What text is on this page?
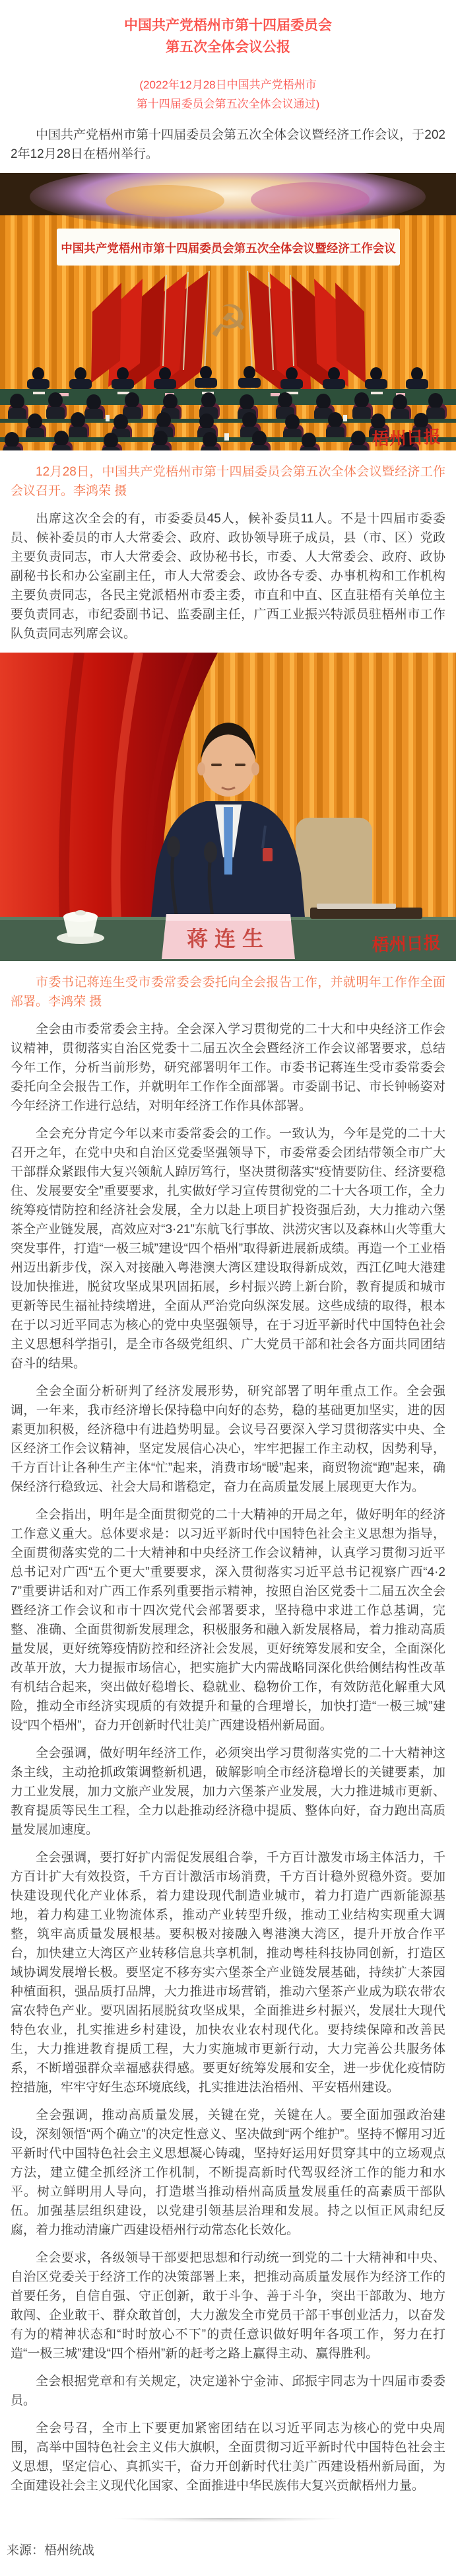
中国共产党梧州市第十四届委员会
第五次全体会议公报
(2022年12月28日中国共产党梧州市
第十四届委员会第五次全体会议通过)

中国共产党梧州市第十四届委员会第五次全体会议暨经济工作会议，于2022年12月28日在梧州举行。

中国共产党梧州市第十四届委员会第五次全体会议暨经济工作会议
☭
梧州日报

12月28日，中国共产党梧州市第十四届委员会第五次全体会议暨经济工作会议召开。李鸿荣 摄

出席这次全会的有，市委委员45人，候补委员11人。不是十四届市委委员、候补委员的市人大常委会、政府、政协领导班子成员，县（市、区）党政主要负责同志，市人大常委会、政协秘书长，市委、人大常委会、政府、政协副秘书长和办公室副主任，市人大常委会、政协各专委、办事机构和工作机构主要负责同志，各民主党派梧州市委主委，市直和中直、区直驻梧有关单位主要负责同志，市纪委副书记、监委副主任，广西工业振兴特派员驻梧州市工作队负责同志列席会议。

蒋连生	梧州日报

市委书记蒋连生受市委常委会委托向全会报告工作，并就明年工作作全面部署。李鸿荣 摄

全会由市委常委会主持。全会深入学习贯彻党的二十大和中央经济工作会议精神，贯彻落实自治区党委十二届五次全会暨经济工作会议部署要求，总结今年工作，分析当前形势，研究部署明年工作。市委书记蒋连生受市委常委会委托向全会报告工作，并就明年工作作全面部署。市委副书记、市长钟畅姿对今年经济工作进行总结，对明年经济工作作具体部署。

全会充分肯定今年以来市委常委会的工作。一致认为，今年是党的二十大召开之年，在党中央和自治区党委坚强领导下，市委常委会团结带领全市广大干部群众紧跟伟大复兴领航人踔厉笃行，坚决贯彻落实“疫情要防住、经济要稳住、发展要安全”重要要求，扎实做好学习宣传贯彻党的二十大各项工作，全力统筹疫情防控和经济社会发展，全力以赴上项目扩投资强后劲，大力推动六堡茶全产业链发展，高效应对“3·21”东航飞行事故、洪涝灾害以及森林山火等重大突发事件，打造“一极三城”建设“四个梧州”取得新进展新成绩。再造一个工业梧州迈出新步伐，深入对接融入粤港澳大湾区建设取得新成效，西江亿吨大港建设加快推进，脱贫攻坚成果巩固拓展，乡村振兴跨上新台阶，教育提质和城市更新等民生福祉持续增进，全面从严治党向纵深发展。这些成绩的取得，根本在于以习近平同志为核心的党中央坚强领导，在于习近平新时代中国特色社会主义思想科学指引，是全市各级党组织、广大党员干部和社会各方面共同团结奋斗的结果。

全会全面分析研判了经济发展形势，研究部署了明年重点工作。全会强调，一年来，我市经济增长保持稳中向好的态势，稳的基础更加坚实，进的因素更加积极，经济稳中有进趋势明显。会议号召要深入学习贯彻落实中央、全区经济工作会议精神，坚定发展信心决心，牢牢把握工作主动权，因势利导，千方百计让各种生产主体“忙”起来，消费市场“暖”起来，商贸物流“跑”起来，确保经济行稳致远、社会大局和谐稳定，奋力在高质量发展上展现更大作为。

全会指出，明年是全面贯彻党的二十大精神的开局之年，做好明年的经济工作意义重大。总体要求是：以习近平新时代中国特色社会主义思想为指导，全面贯彻落实党的二十大精神和中央经济工作会议精神，认真学习贯彻习近平总书记对广西“五个更大”重要要求，深入贯彻落实习近平总书记视察广西“4·27”重要讲话和对广西工作系列重要指示精神，按照自治区党委十二届五次全会暨经济工作会议和市十四次党代会部署要求，坚持稳中求进工作总基调，完整、准确、全面贯彻新发展理念，积极服务和融入新发展格局，着力推动高质量发展，更好统筹疫情防控和经济社会发展，更好统筹发展和安全，全面深化改革开放，大力提振市场信心，把实施扩大内需战略同深化供给侧结构性改革有机结合起来，突出做好稳增长、稳就业、稳物价工作，有效防范化解重大风险，推动全市经济实现质的有效提升和量的合理增长，加快打造“一极三城”建设“四个梧州”，奋力开创新时代壮美广西建设梧州新局面。

全会强调，做好明年经济工作，必须突出学习贯彻落实党的二十大精神这条主线，主动抢抓政策调整新机遇，破解影响全市经济稳增长的关键要素，加力工业发展，加力文旅产业发展，加力六堡茶产业发展，大力推进城市更新、教育提质等民生工程，全力以赴推动经济稳中提质、整体向好，奋力跑出高质量发展加速度。

全会强调，要打好扩内需促发展组合拳，千方百计激发市场主体活力，千方百计扩大有效投资，千方百计激活市场消费，千方百计稳外贸稳外资。要加快建设现代化产业体系，着力建设现代制造业城市，着力打造广西新能源基地，着力构建工业物流体系，推动产业转型升级，推动工业结构实现重大调整，筑牢高质量发展根基。要积极对接融入粤港澳大湾区，提升开放合作平台，加快建立大湾区产业转移信息共享机制，推动粤桂科技协同创新，打造区域协调发展增长极。要坚定不移夯实六堡茶全产业链发展基础，持续扩大茶园种植面积，强品质打品牌，大力推进市场营销，推动六堡茶产业成为联农带农富农特色产业。要巩固拓展脱贫攻坚成果，全面推进乡村振兴，发展壮大现代特色农业，扎实推进乡村建设，加快农业农村现代化。要持续保障和改善民生，大力推进教育提质工程，大力实施城市更新行动，大力完善公共服务体系，不断增强群众幸福感获得感。要更好统筹发展和安全，进一步优化疫情防控措施，牢牢守好生态环境底线，扎实推进法治梧州、平安梧州建设。

全会强调，推动高质量发展，关键在党，关键在人。要全面加强政治建设，深刻领悟“两个确立”的决定性意义、坚决做到“两个维护”。坚持不懈用习近平新时代中国特色社会主义思想凝心铸魂，坚持好运用好贯穿其中的立场观点方法，建立健全抓经济工作机制，不断提高新时代驾驭经济工作的能力和水平。树立鲜明用人导向，打造堪当推动梧州高质量发展重任的高素质干部队伍。加强基层组织建设，以党建引领基层治理和发展。持之以恒正风肃纪反腐，着力推动清廉广西建设梧州行动常态化长效化。

全会要求，各级领导干部要把思想和行动统一到党的二十大精神和中央、自治区党委关于经济工作的决策部署上来，把推动高质量发展作为经济工作的首要任务，自信自强、守正创新，敢于斗争、善于斗争，突出干部敢为、地方敢闯、企业敢干、群众敢首创，大力激发全市党员干部干事创业活力，以奋发有为的精神状态和“时时放心不下”的责任意识做好明年各项工作，努力在打造“一极三城”建设“四个梧州”新的赶考之路上赢得主动、赢得胜利。

全会根据党章和有关规定，决定递补宁金沛、邱振宇同志为十四届市委委员。

全会号召，全市上下要更加紧密团结在以习近平同志为核心的党中央周围，高举中国特色社会主义伟大旗帜，全面贯彻习近平新时代中国特色社会主义思想，坚定信心、真抓实干，奋力开创新时代壮美广西建设梧州新局面，为全面建设社会主义现代化国家、全面推进中华民族伟大复兴贡献梧州力量。

来源：梧州统战
